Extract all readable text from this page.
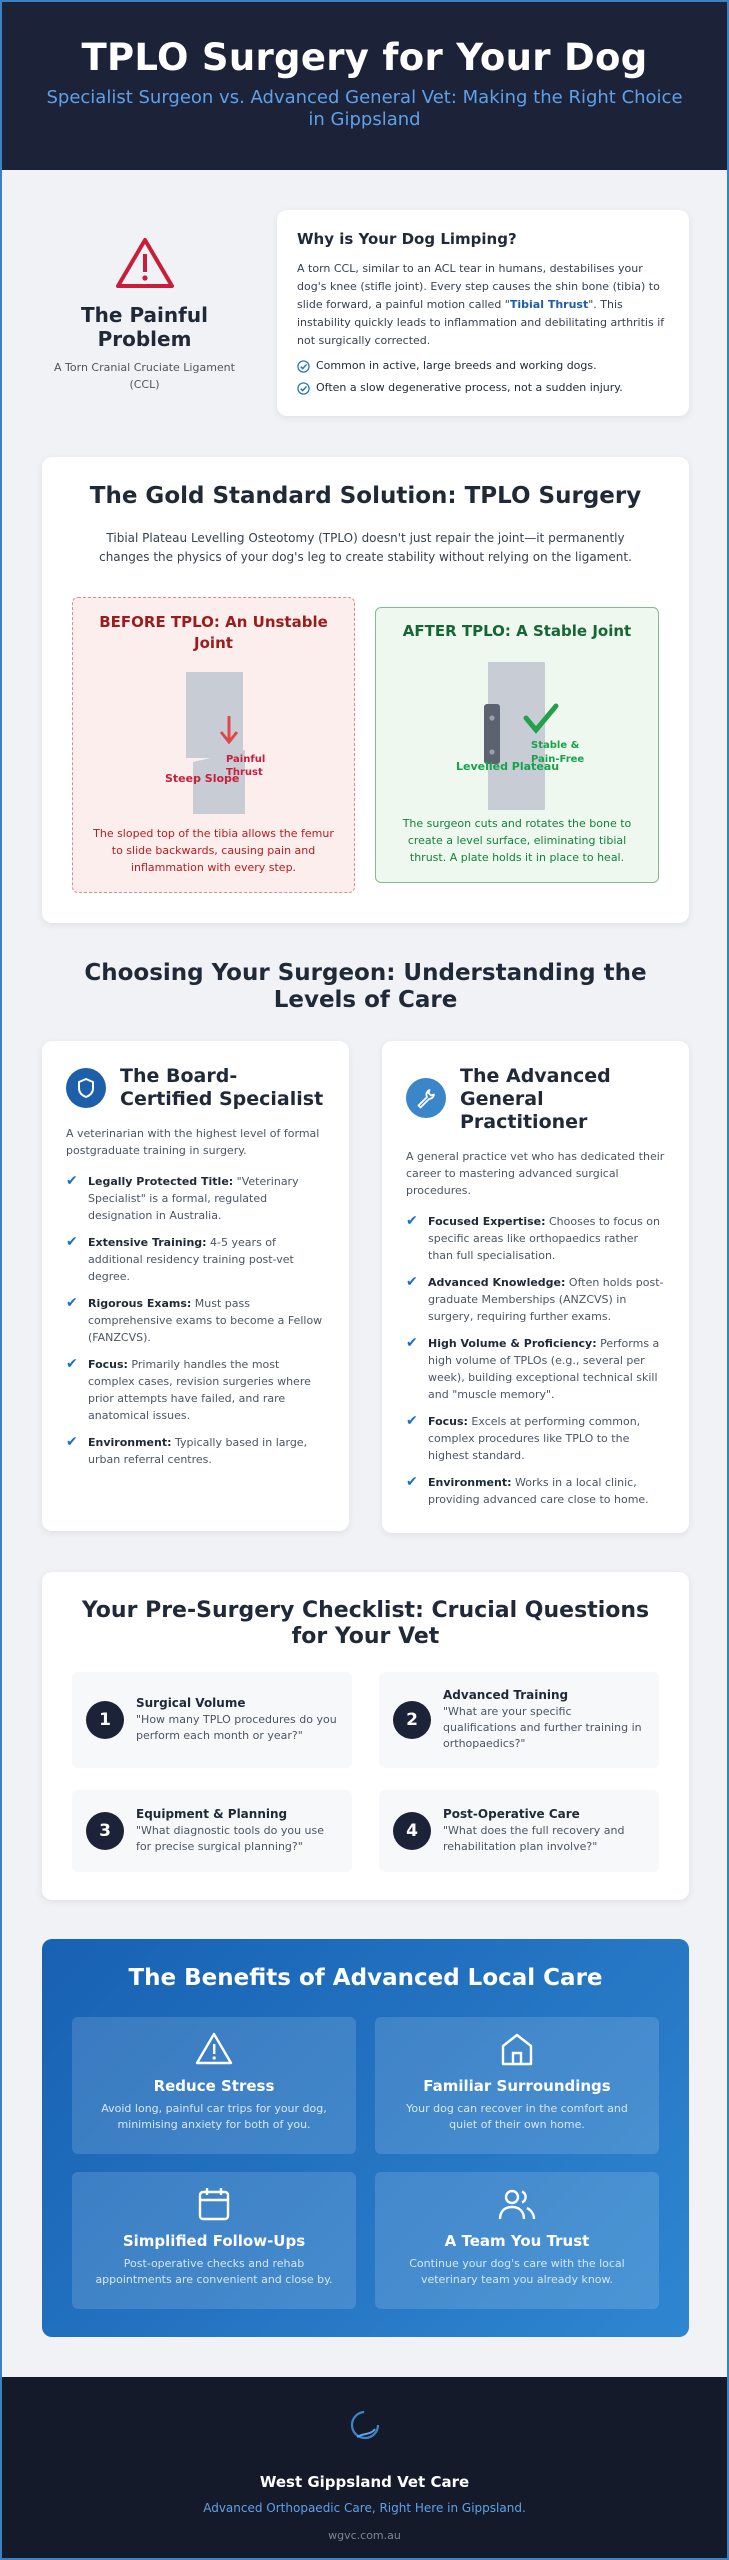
TPLO Surgery for Your Dog

Specialist Surgeon vs. Advanced General Vet: Making the Right Choice in Gippsland

The Painful Problem

A Torn Cranial Cruciate Ligament (CCL)

Why is Your Dog Limping?

A torn CCL, similar to an ACL tear in humans, destabilises your dog's knee (stifle joint). Every step causes the shin bone (tibia) to slide forward, a painful motion called "Tibial Thrust". This instability quickly leads to inflammation and debilitating arthritis if not surgically corrected.

Common in active, large breeds and working dogs.
Often a slow degenerative process, not a sudden injury.
The Gold Standard Solution: TPLO Surgery

Tibial Plateau Levelling Osteotomy (TPLO) doesn't just repair the joint—it permanently changes the physics of your dog's leg to create stability without relying on the ligament.

BEFORE TPLO: An Unstable Joint
Painful Thrust
Steep Slope

The sloped top of the tibia allows the femur to slide backwards, causing pain and inflammation with every step.

AFTER TPLO: A Stable Joint
Levelled Plateau
Stable & Pain-Free

The surgeon cuts and rotates the bone to create a level surface, eliminating tibial thrust. A plate holds it in place to heal.

Choosing Your Surgeon: Understanding the Levels of Care
The Board-Certified Specialist

A veterinarian with the highest level of formal postgraduate training in surgery.

✔ Legally Protected Title: "Veterinary Specialist" is a formal, regulated designation in Australia.
✔ Extensive Training: 4-5 years of additional residency training post-vet degree.
✔ Rigorous Exams: Must pass comprehensive exams to become a Fellow (FANZCVS).
✔ Focus: Primarily handles the most complex cases, revision surgeries where prior attempts have failed, and rare anatomical issues.
✔ Environment: Typically based in large, urban referral centres.
The Advanced General Practitioner

A general practice vet who has dedicated their career to mastering advanced surgical procedures.

✔ Focused Expertise: Chooses to focus on specific areas like orthopaedics rather than full specialisation.
✔ Advanced Knowledge: Often holds post-graduate Memberships (ANZCVS) in surgery, requiring further exams.
✔ High Volume & Proficiency: Performs a high volume of TPLOs (e.g., several per week), building exceptional technical skill and "muscle memory".
✔ Focus: Excels at performing common, complex procedures like TPLO to the highest standard.
✔ Environment: Works in a local clinic, providing advanced care close to home.
Your Pre-Surgery Checklist: Crucial Questions for Your Vet
1
Surgical Volume

"How many TPLO procedures do you perform each month or year?"

2
Advanced Training

"What are your specific qualifications and further training in orthopaedics?"

3
Equipment & Planning

"What diagnostic tools do you use for precise surgical planning?"

4
Post-Operative Care

"What does the full recovery and rehabilitation plan involve?"

The Benefits of Advanced Local Care
Reduce Stress

Avoid long, painful car trips for your dog, minimising anxiety for both of you.

Familiar Surroundings

Your dog can recover in the comfort and quiet of their own home.

Simplified Follow-Ups

Post-operative checks and rehab appointments are convenient and close by.

A Team You Trust

Continue your dog's care with the local veterinary team you already know.

West Gippsland Vet Care

Advanced Orthopaedic Care, Right Here in Gippsland.

wgvc.com.au
